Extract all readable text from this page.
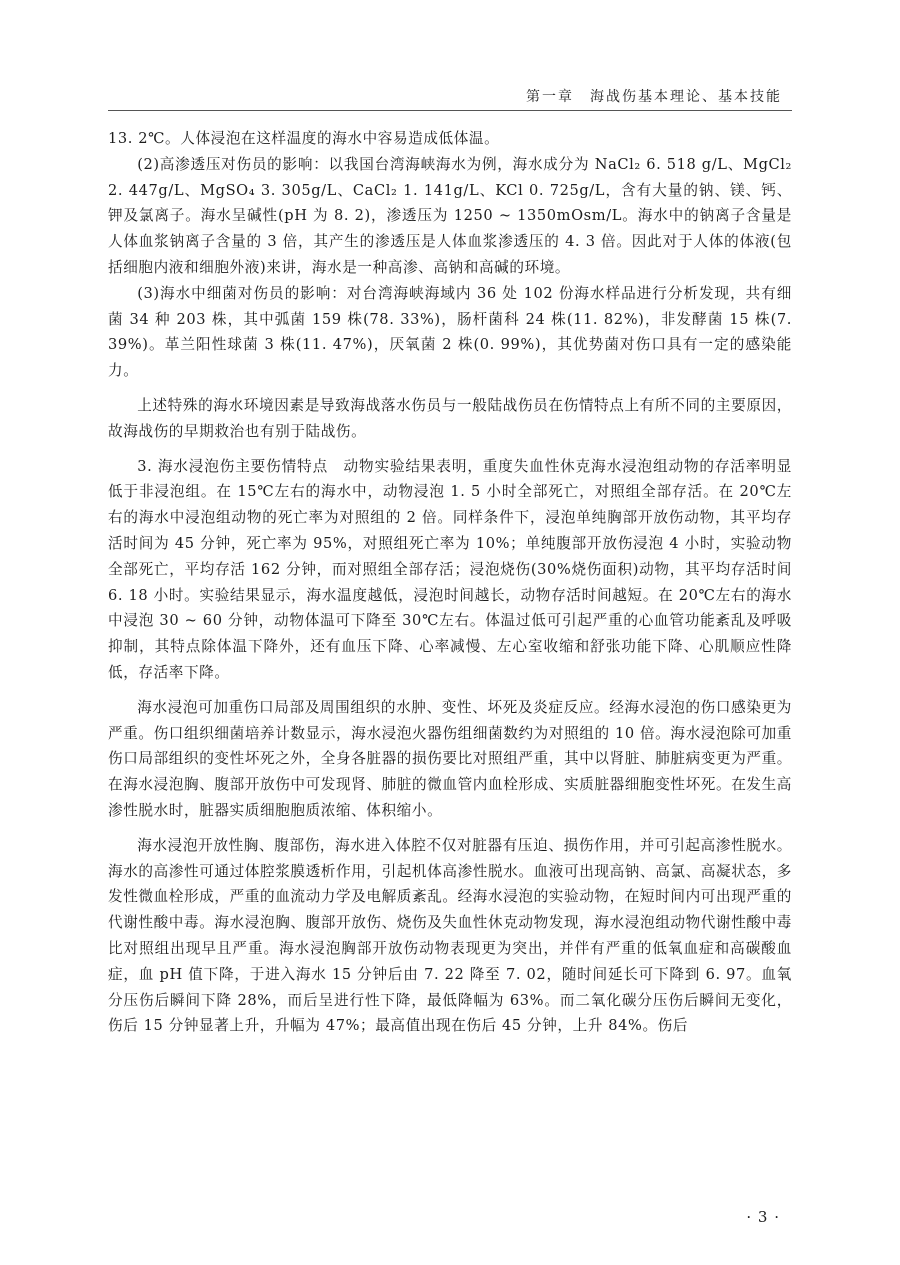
第一章　海战伤基本理论、基本技能

13. 2℃。人体浸泡在这样温度的海水中容易造成低体温。

(2)高渗透压对伤员的影响：以我国台湾海峡海水为例，海水成分为 NaCl₂ 6. 518 g/L、MgCl₂ 2. 447g/L、MgSO₄ 3. 305g/L、CaCl₂ 1. 141g/L、KCl 0. 725g/L，含有大量的钠、镁、钙、钾及氯离子。海水呈碱性(pH 为 8. 2)，渗透压为 1250 ~ 1350mOsm/L。海水中的钠离子含量是人体血浆钠离子含量的 3 倍，其产生的渗透压是人体血浆渗透压的 4. 3 倍。因此对于人体的体液(包括细胞内液和细胞外液)来讲，海水是一种高渗、高钠和高碱的环境。

(3)海水中细菌对伤员的影响：对台湾海峡海域内 36 处 102 份海水样品进行分析发现，共有细菌 34 种 203 株，其中弧菌 159 株(78. 33%)，肠杆菌科 24 株(11. 82%)，非发酵菌 15 株(7. 39%)。革兰阳性球菌 3 株(11. 47%)，厌氧菌 2 株(0. 99%)，其优势菌对伤口具有一定的感染能力。

上述特殊的海水环境因素是导致海战落水伤员与一般陆战伤员在伤情特点上有所不同的主要原因，故海战伤的早期救治也有别于陆战伤。

3. 海水浸泡伤主要伤情特点　动物实验结果表明，重度失血性休克海水浸泡组动物的存活率明显低于非浸泡组。在 15℃左右的海水中，动物浸泡 1. 5 小时全部死亡，对照组全部存活。在 20℃左右的海水中浸泡组动物的死亡率为对照组的 2 倍。同样条件下，浸泡单纯胸部开放伤动物，其平均存活时间为 45 分钟，死亡率为 95%，对照组死亡率为 10%；单纯腹部开放伤浸泡 4 小时，实验动物全部死亡，平均存活 162 分钟，而对照组全部存活；浸泡烧伤(30%烧伤面积)动物，其平均存活时间 6. 18 小时。实验结果显示，海水温度越低，浸泡时间越长，动物存活时间越短。在 20℃左右的海水中浸泡 30 ~ 60 分钟，动物体温可下降至 30℃左右。体温过低可引起严重的心血管功能紊乱及呼吸抑制，其特点除体温下降外，还有血压下降、心率减慢、左心室收缩和舒张功能下降、心肌顺应性降低，存活率下降。

海水浸泡可加重伤口局部及周围组织的水肿、变性、坏死及炎症反应。经海水浸泡的伤口感染更为严重。伤口组织细菌培养计数显示，海水浸泡火器伤组细菌数约为对照组的 10 倍。海水浸泡除可加重伤口局部组织的变性坏死之外，全身各脏器的损伤要比对照组严重，其中以肾脏、肺脏病变更为严重。在海水浸泡胸、腹部开放伤中可发现肾、肺脏的微血管内血栓形成、实质脏器细胞变性坏死。在发生高渗性脱水时，脏器实质细胞胞质浓缩、体积缩小。

海水浸泡开放性胸、腹部伤，海水进入体腔不仅对脏器有压迫、损伤作用，并可引起高渗性脱水。海水的高渗性可通过体腔浆膜透析作用，引起机体高渗性脱水。血液可出现高钠、高氯、高凝状态，多发性微血栓形成，严重的血流动力学及电解质紊乱。经海水浸泡的实验动物，在短时间内可出现严重的代谢性酸中毒。海水浸泡胸、腹部开放伤、烧伤及失血性休克动物发现，海水浸泡组动物代谢性酸中毒比对照组出现早且严重。海水浸泡胸部开放伤动物表现更为突出，并伴有严重的低氧血症和高碳酸血症，血 pH 值下降，于进入海水 15 分钟后由 7. 22 降至 7. 02，随时间延长可下降到 6. 97。血氧分压伤后瞬间下降 28%，而后呈进行性下降，最低降幅为 63%。而二氧化碳分压伤后瞬间无变化，伤后 15 分钟显著上升，升幅为 47%；最高值出现在伤后 45 分钟，上升 84%。伤后

· 3 ·
